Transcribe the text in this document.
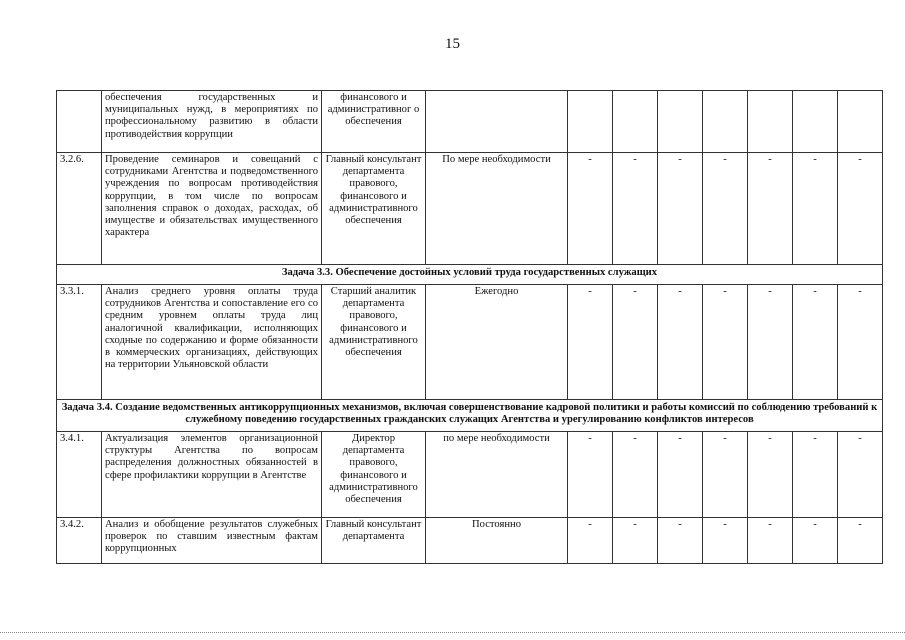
15
	обеспечения государственных и муниципальных нужд, в мероприятиях по профессиональному развитию в области противодействия коррупции	финансового и административног о обеспечения								
3.2.6.	Проведение семинаров и совещаний с сотрудниками Агентства и подведомственного учреждения по вопросам противодействия коррупции, в том числе по вопросам заполнения справок о доходах, расходах, об имуществе и обязательствах имущественного характера	Главный консультант департамента правового, финансового и административного обеспечения	По мере необходимости	-	-	-	-	-	-	-
Задача 3.3. Обеспечение достойных условий труда государственных служащих										
3.3.1.	Анализ среднего уровня оплаты труда сотрудников Агентства и сопоставление его со средним уровнем оплаты труда лиц аналогичной квалификации, исполняющих сходные по содержанию и форме обязанности в коммерческих организациях, действующих на территории Ульяновской области	Старший аналитик департамента правового, финансового и административного обеспечения	Ежегодно	-	-	-	-	-	-	-
Задача 3.4. Создание ведомственных антикоррупционных механизмов, включая совершенствование кадровой политики и работы комиссий по соблюдению требований к служебному поведению государственных гражданских служащих Агентства и урегулированию конфликтов интересов										
3.4.1.	Актуализация элементов организационной структуры Агентства по вопросам распределения должностных обязанностей в сфере профилактики коррупции в Агентстве	Директор департамента правового, финансового и административного обеспечения	по мере необходимости	-	-	-	-	-	-	-
3.4.2.	Анализ и обобщение результатов служебных проверок по ставшим известным фактам коррупционных	Главный консультант департамента	Постоянно	-	-	-	-	-	-	-
